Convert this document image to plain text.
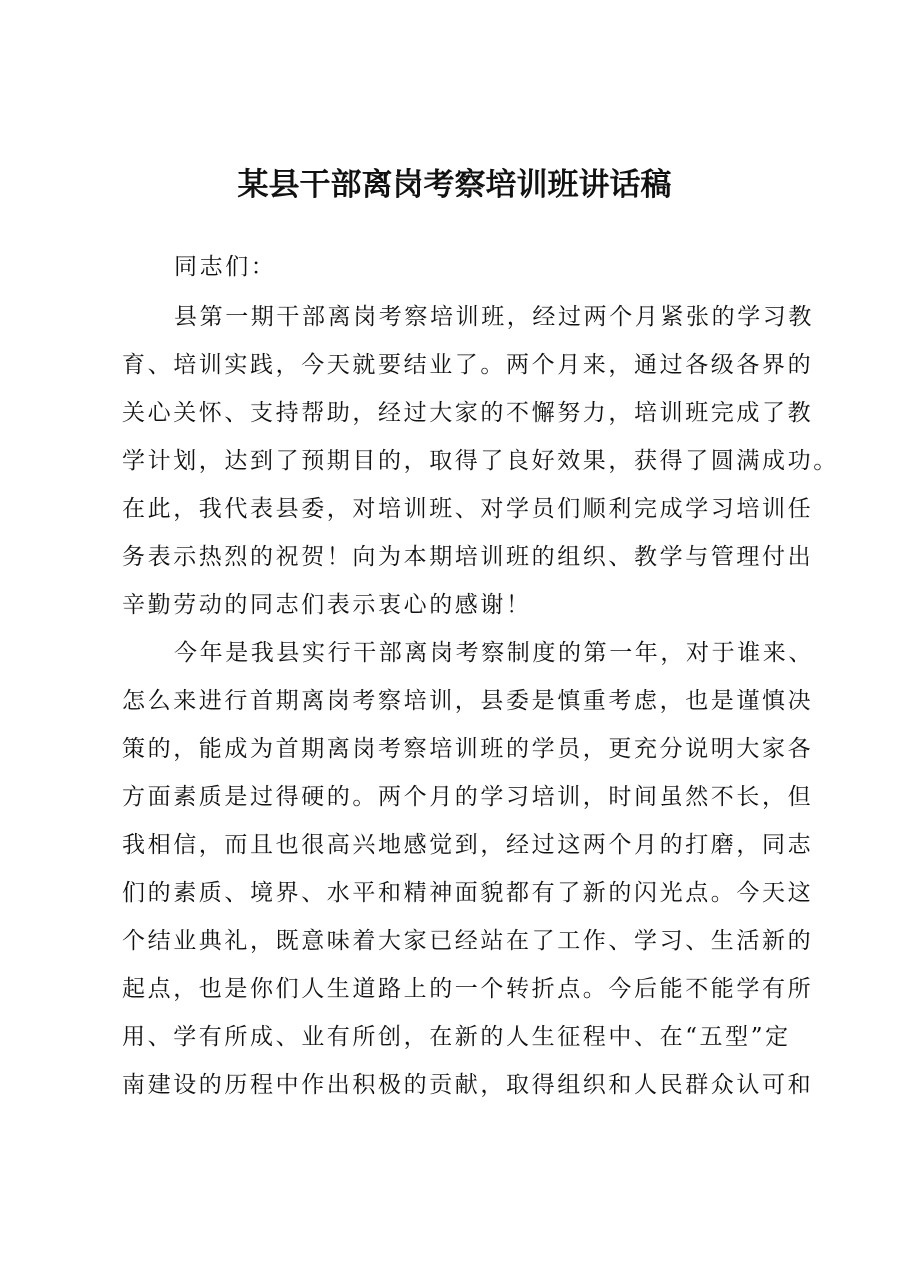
某县干部离岗考察培训班讲话稿

同志们：

县第一期干部离岗考察培训班，经过两个月紧张的学习教
育、培训实践，今天就要结业了。两个月来，通过各级各界的
关心关怀、支持帮助，经过大家的不懈努力，培训班完成了教
学计划，达到了预期目的，取得了良好效果，获得了圆满成功。
在此，我代表县委，对培训班、对学员们顺利完成学习培训任
务表示热烈的祝贺！向为本期培训班的组织、教学与管理付出
辛勤劳动的同志们表示衷心的感谢！

今年是我县实行干部离岗考察制度的第一年，对于谁来、
怎么来进行首期离岗考察培训，县委是慎重考虑，也是谨慎决
策的，能成为首期离岗考察培训班的学员，更充分说明大家各
方面素质是过得硬的。两个月的学习培训，时间虽然不长，但
我相信，而且也很高兴地感觉到，经过这两个月的打磨，同志
们的素质、境界、水平和精神面貌都有了新的闪光点。今天这
个结业典礼，既意味着大家已经站在了工作、学习、生活新的
起点，也是你们人生道路上的一个转折点。今后能不能学有所
用、学有所成、业有所创，在新的人生征程中、在“五型”定
南建设的历程中作出积极的贡献，取得组织和人民群众认可和
